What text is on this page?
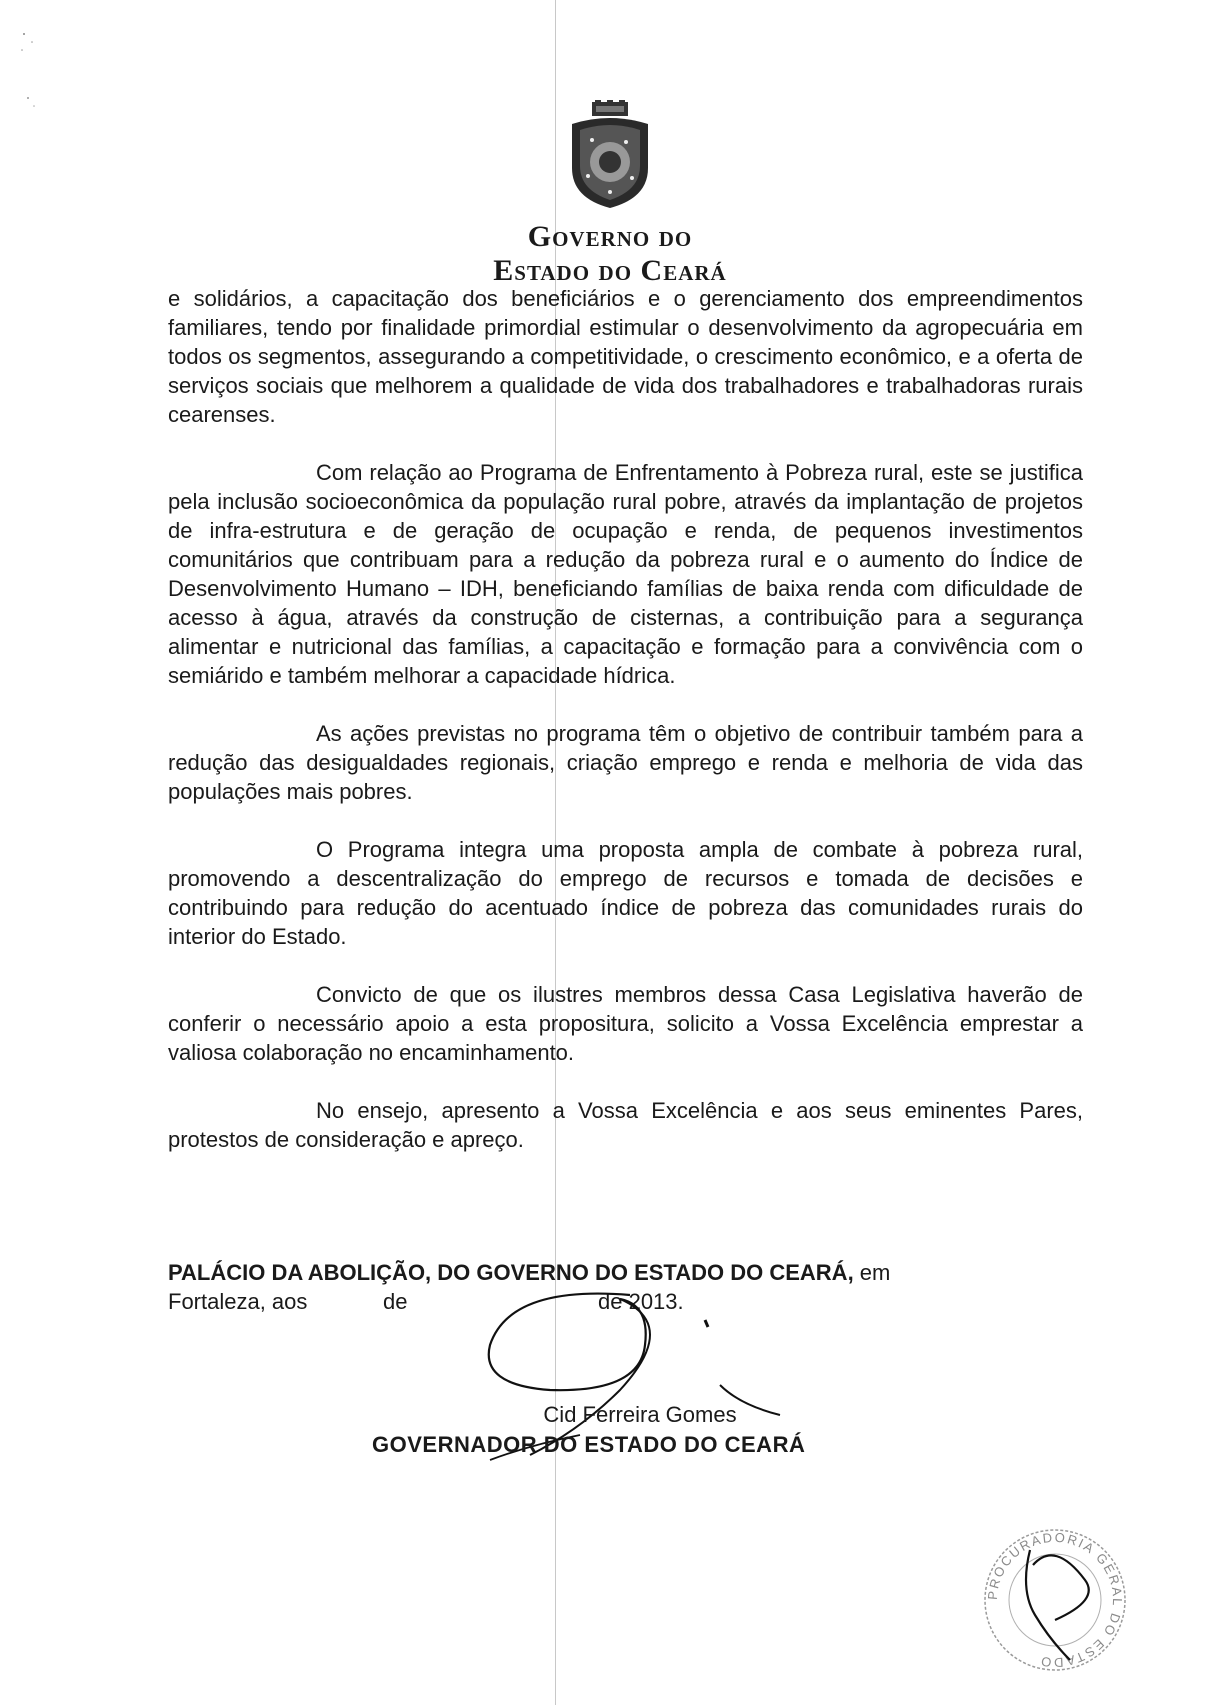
Governo do
Estado do Ceará

e solidários, a capacitação dos beneficiários e o gerenciamento dos empreendimentos familiares, tendo por finalidade primordial estimular o desenvolvimento da agropecuária em todos os segmentos, assegurando a competitividade, o crescimento econômico, e a oferta de serviços sociais que melhorem a qualidade de vida dos trabalhadores e trabalhadoras rurais cearenses.

Com relação ao Programa de Enfrentamento à Pobreza rural, este se justifica pela inclusão socioeconômica da população rural pobre, através da implantação de projetos de infra-estrutura e de geração de ocupação e renda, de pequenos investimentos comunitários que contribuam para a redução da pobreza rural e o aumento do Índice de Desenvolvimento Humano – IDH, beneficiando famílias de baixa renda com dificuldade de acesso à água, através da construção de cisternas, a contribuição para a segurança alimentar e nutricional das famílias, a capacitação e formação para a convivência com o semiárido e também melhorar a capacidade hídrica.

As ações previstas no programa têm o objetivo de contribuir também para a redução das desigualdades regionais, criação emprego e renda e melhoria de vida das populações mais pobres.

O Programa integra uma proposta ampla de combate à pobreza rural, promovendo a descentralização do emprego de recursos e tomada de decisões e contribuindo para redução do acentuado índice de pobreza das comunidades rurais do interior do Estado.

Convicto de que os ilustres membros dessa Casa Legislativa haverão de conferir o necessário apoio a esta propositura, solicito a Vossa Excelência emprestar a valiosa colaboração no encaminhamento.

No ensejo, apresento a Vossa Excelência e aos seus eminentes Pares, protestos de consideração e apreço.

PALÁCIO DA ABOLIÇÃO, DO GOVERNO DO ESTADO DO CEARÁ, em
Fortaleza, aos	de	de 2013.
Cid Ferreira Gomes
GOVERNADOR DO ESTADO DO CEARÁ
PROCURADORIA GERAL DO ESTADO
